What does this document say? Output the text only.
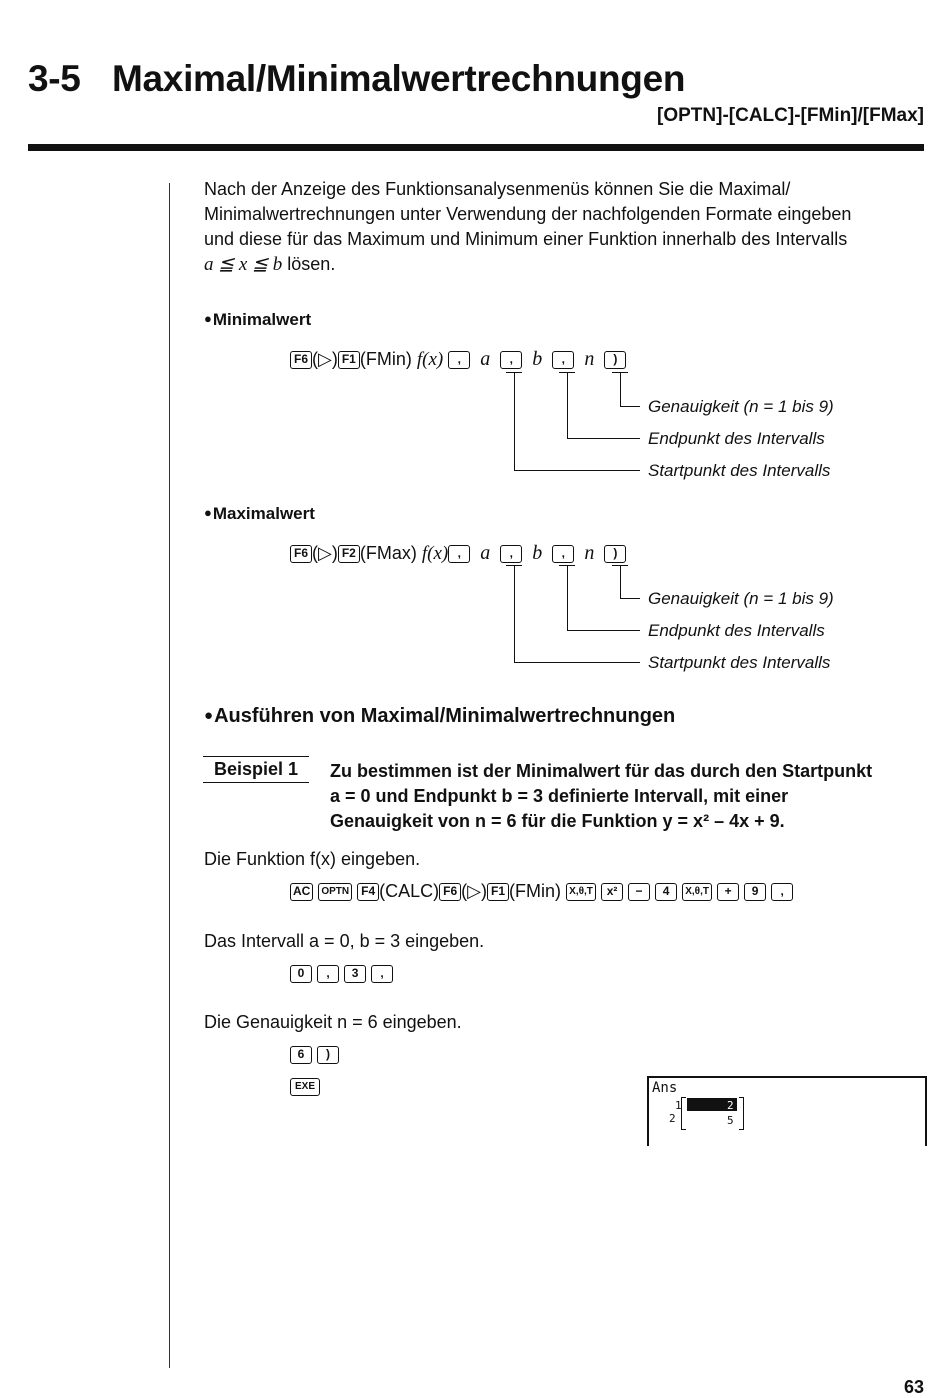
3-5 Maximal/Minimalwertrechnungen
[OPTN]-[CALC]-[FMin]/[FMax]
Nach der Anzeige des Funktionsanalysenmenüs können Sie die Maximal/
Minimalwertrechnungen unter Verwendung der nachfolgenden Formate eingeben
und diese für das Maximum und Minimum einer Funktion innerhalb des Intervalls
a ≦ x ≦ b lösen.
●Minimalwert
F6 (▷) F1 (FMin) f(x) , a , b , n )
Genauigkeit (n = 1 bis 9)
Endpunkt des Intervalls
Startpunkt des Intervalls
●Maximalwert
F6 (▷) F2 (FMax) f(x) , a , b , n )
Genauigkeit (n = 1 bis 9)
Endpunkt des Intervalls
Startpunkt des Intervalls
●Ausführen von Maximal/Minimalwertrechnungen
Beispiel 1	Zu bestimmen ist der Minimalwert für das durch den Startpunkt
a = 0 und Endpunkt b = 3 definierte Intervall, mit einer
Genauigkeit von n = 6 für die Funktion y = x² – 4x + 9.
Die Funktion f(x) eingeben.
AC OPTN F4 (CALC) F6 (▷) F1 (FMin) X,θ,T x² − 4 X,θ,T + 9 ,
Das Intervall a = 0, b = 3 eingeben.
0 , 3 ,
Die Genauigkeit n = 6 eingeben.
6 )
EXE	Ans
1
2
2
5
63
